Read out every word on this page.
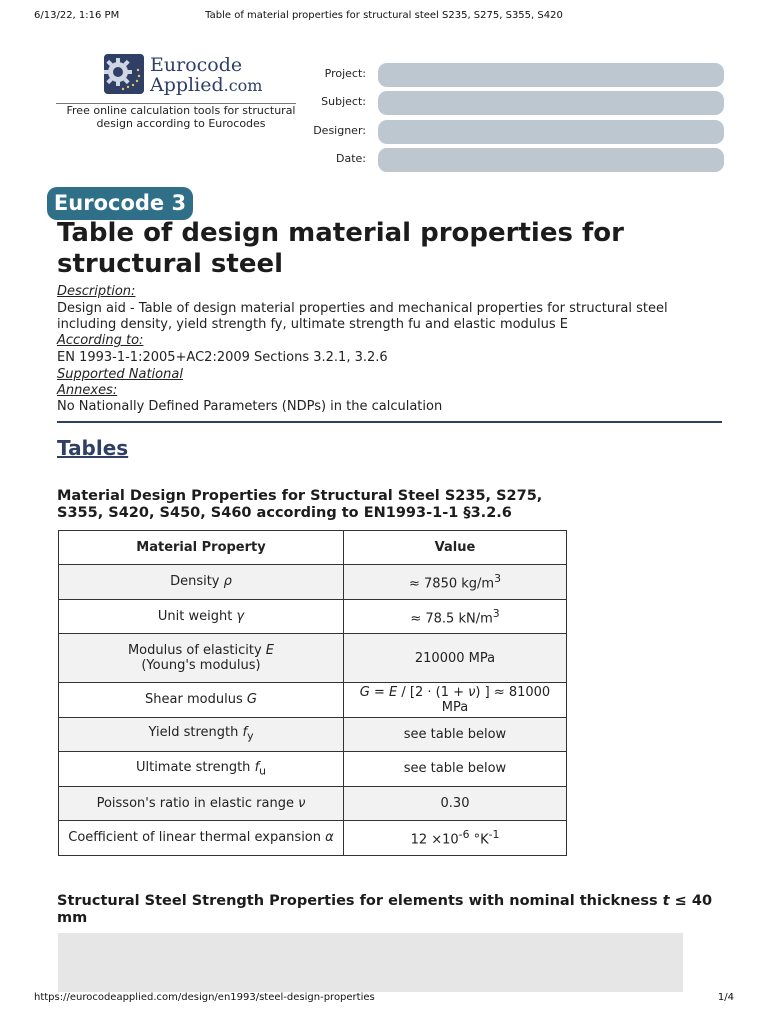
6/13/22, 1:16 PM	Table of material properties for structural steel S235, S275, S355, S420
Eurocode
Applied.com
Free online calculation tools for structural design according to Eurocodes
Project:
Subject:
Designer:
Date:
Eurocode 3
Table of design material properties for structural steel
Description:
Design aid - Table of design material properties and mechanical properties for structural steel including density, yield strength fy, ultimate strength fu and elastic modulus E
According to:
EN 1993-1-1:2005+AC2:2009 Sections 3.2.1, 3.2.6
Supported National
Annexes:
No Nationally Defined Parameters (NDPs) in the calculation
Tables
Material Design Properties for Structural Steel S235, S275, S355, S420, S450, S460 according to EN1993-1-1 §3.2.6
Material Property	Value
Density ρ	≈ 7850 $kg/m^3$
Unit weight γ	≈ 78.5 $kN/m^3$
Modulus of elasticity E
(Young's modulus)	210000 MPa
Shear modulus G	G = E / [2 · (1 + ν) ] ≈ 81000 MPa
Yield strength $f_y$	see table below
Ultimate strength $f_u$	see table below
Poisson's ratio in elastic range ν	0.30
Coefficient of linear thermal expansion α	$12 \times 10^{-6}$ $^\circ K^{-1}$
Structural Steel Strength Properties for elements with nominal thickness t ≤ 40 mm
https://eurocodeapplied.com/design/en1993/steel-design-properties	1/4
